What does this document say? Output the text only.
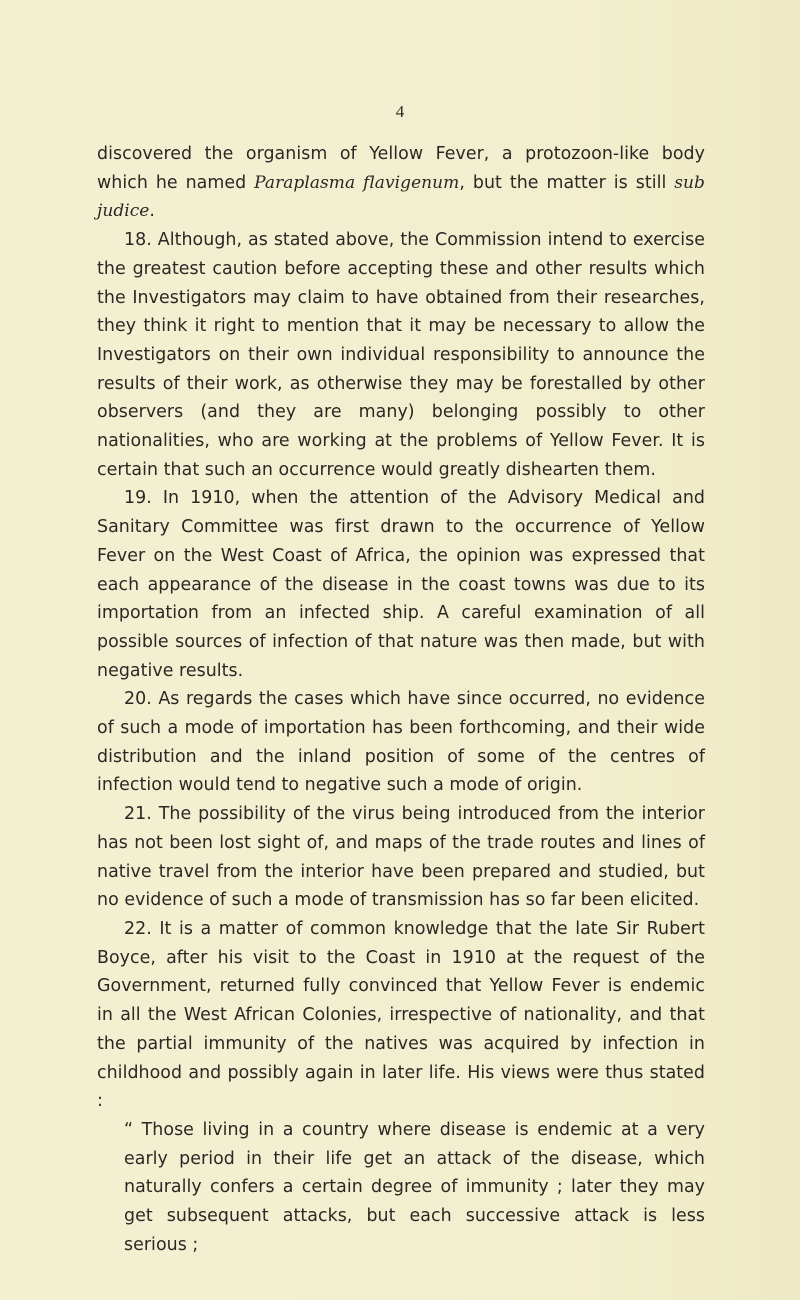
4

discovered the organism of Yellow Fever, a protozoon-like body which he named Paraplasma flavigenum, but the matter is still sub judice.

18. Although, as stated above, the Commission intend to exercise the greatest caution before accepting these and other results which the Investigators may claim to have obtained from their researches, they think it right to mention that it may be necessary to allow the Investigators on their own individual responsibility to announce the results of their work, as otherwise they may be forestalled by other observers (and they are many) belonging possibly to other nationalities, who are working at the problems of Yellow Fever. It is certain that such an occurrence would greatly dishearten them.

19. In 1910, when the attention of the Advisory Medical and Sanitary Committee was first drawn to the occurrence of Yellow Fever on the West Coast of Africa, the opinion was expressed that each appearance of the disease in the coast towns was due to its importation from an infected ship. A careful examination of all possible sources of infection of that nature was then made, but with negative results.

20. As regards the cases which have since occurred, no evidence of such a mode of importation has been forthcoming, and their wide distribution and the inland position of some of the centres of infection would tend to negative such a mode of origin.

21. The possibility of the virus being introduced from the interior has not been lost sight of, and maps of the trade routes and lines of native travel from the interior have been prepared and studied, but no evidence of such a mode of transmission has so far been elicited.

22. It is a matter of common knowledge that the late Sir Rubert Boyce, after his visit to the Coast in 1910 at the request of the Government, returned fully convinced that Yellow Fever is endemic in all the West African Colonies, irrespective of nationality, and that the partial immunity of the natives was acquired by infection in childhood and possibly again in later life. His views were thus stated :

“ Those living in a country where disease is endemic at a very early period in their life get an attack of the disease, which naturally confers a certain degree of immunity ; later they may get subsequent attacks, but each successive attack is less serious ;
